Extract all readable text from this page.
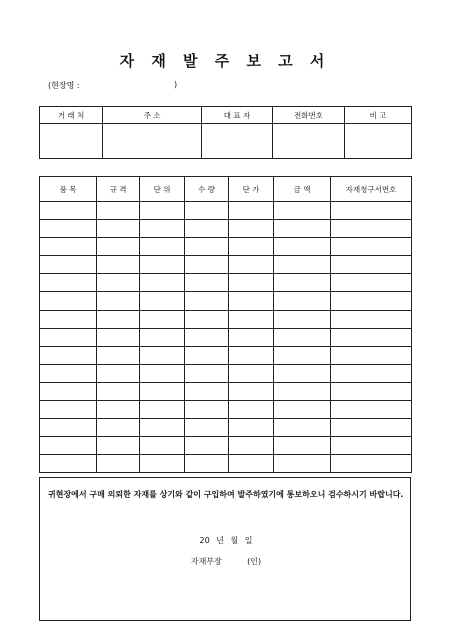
자 재 발 주 보 고 서
(현장명 :	)
거 래 처	주 소	대 표 자	전화번호	비 고

품 목	규 격	단 위	수 량	단 가	금 액	자재청구서번호

귀현장에서 구매 의뢰한 자재를 상기와 같이 구입하여 발주하였기에 통보하오니 검수하시기 바랍니다.
20 년 월 일
자재부장          (인)
